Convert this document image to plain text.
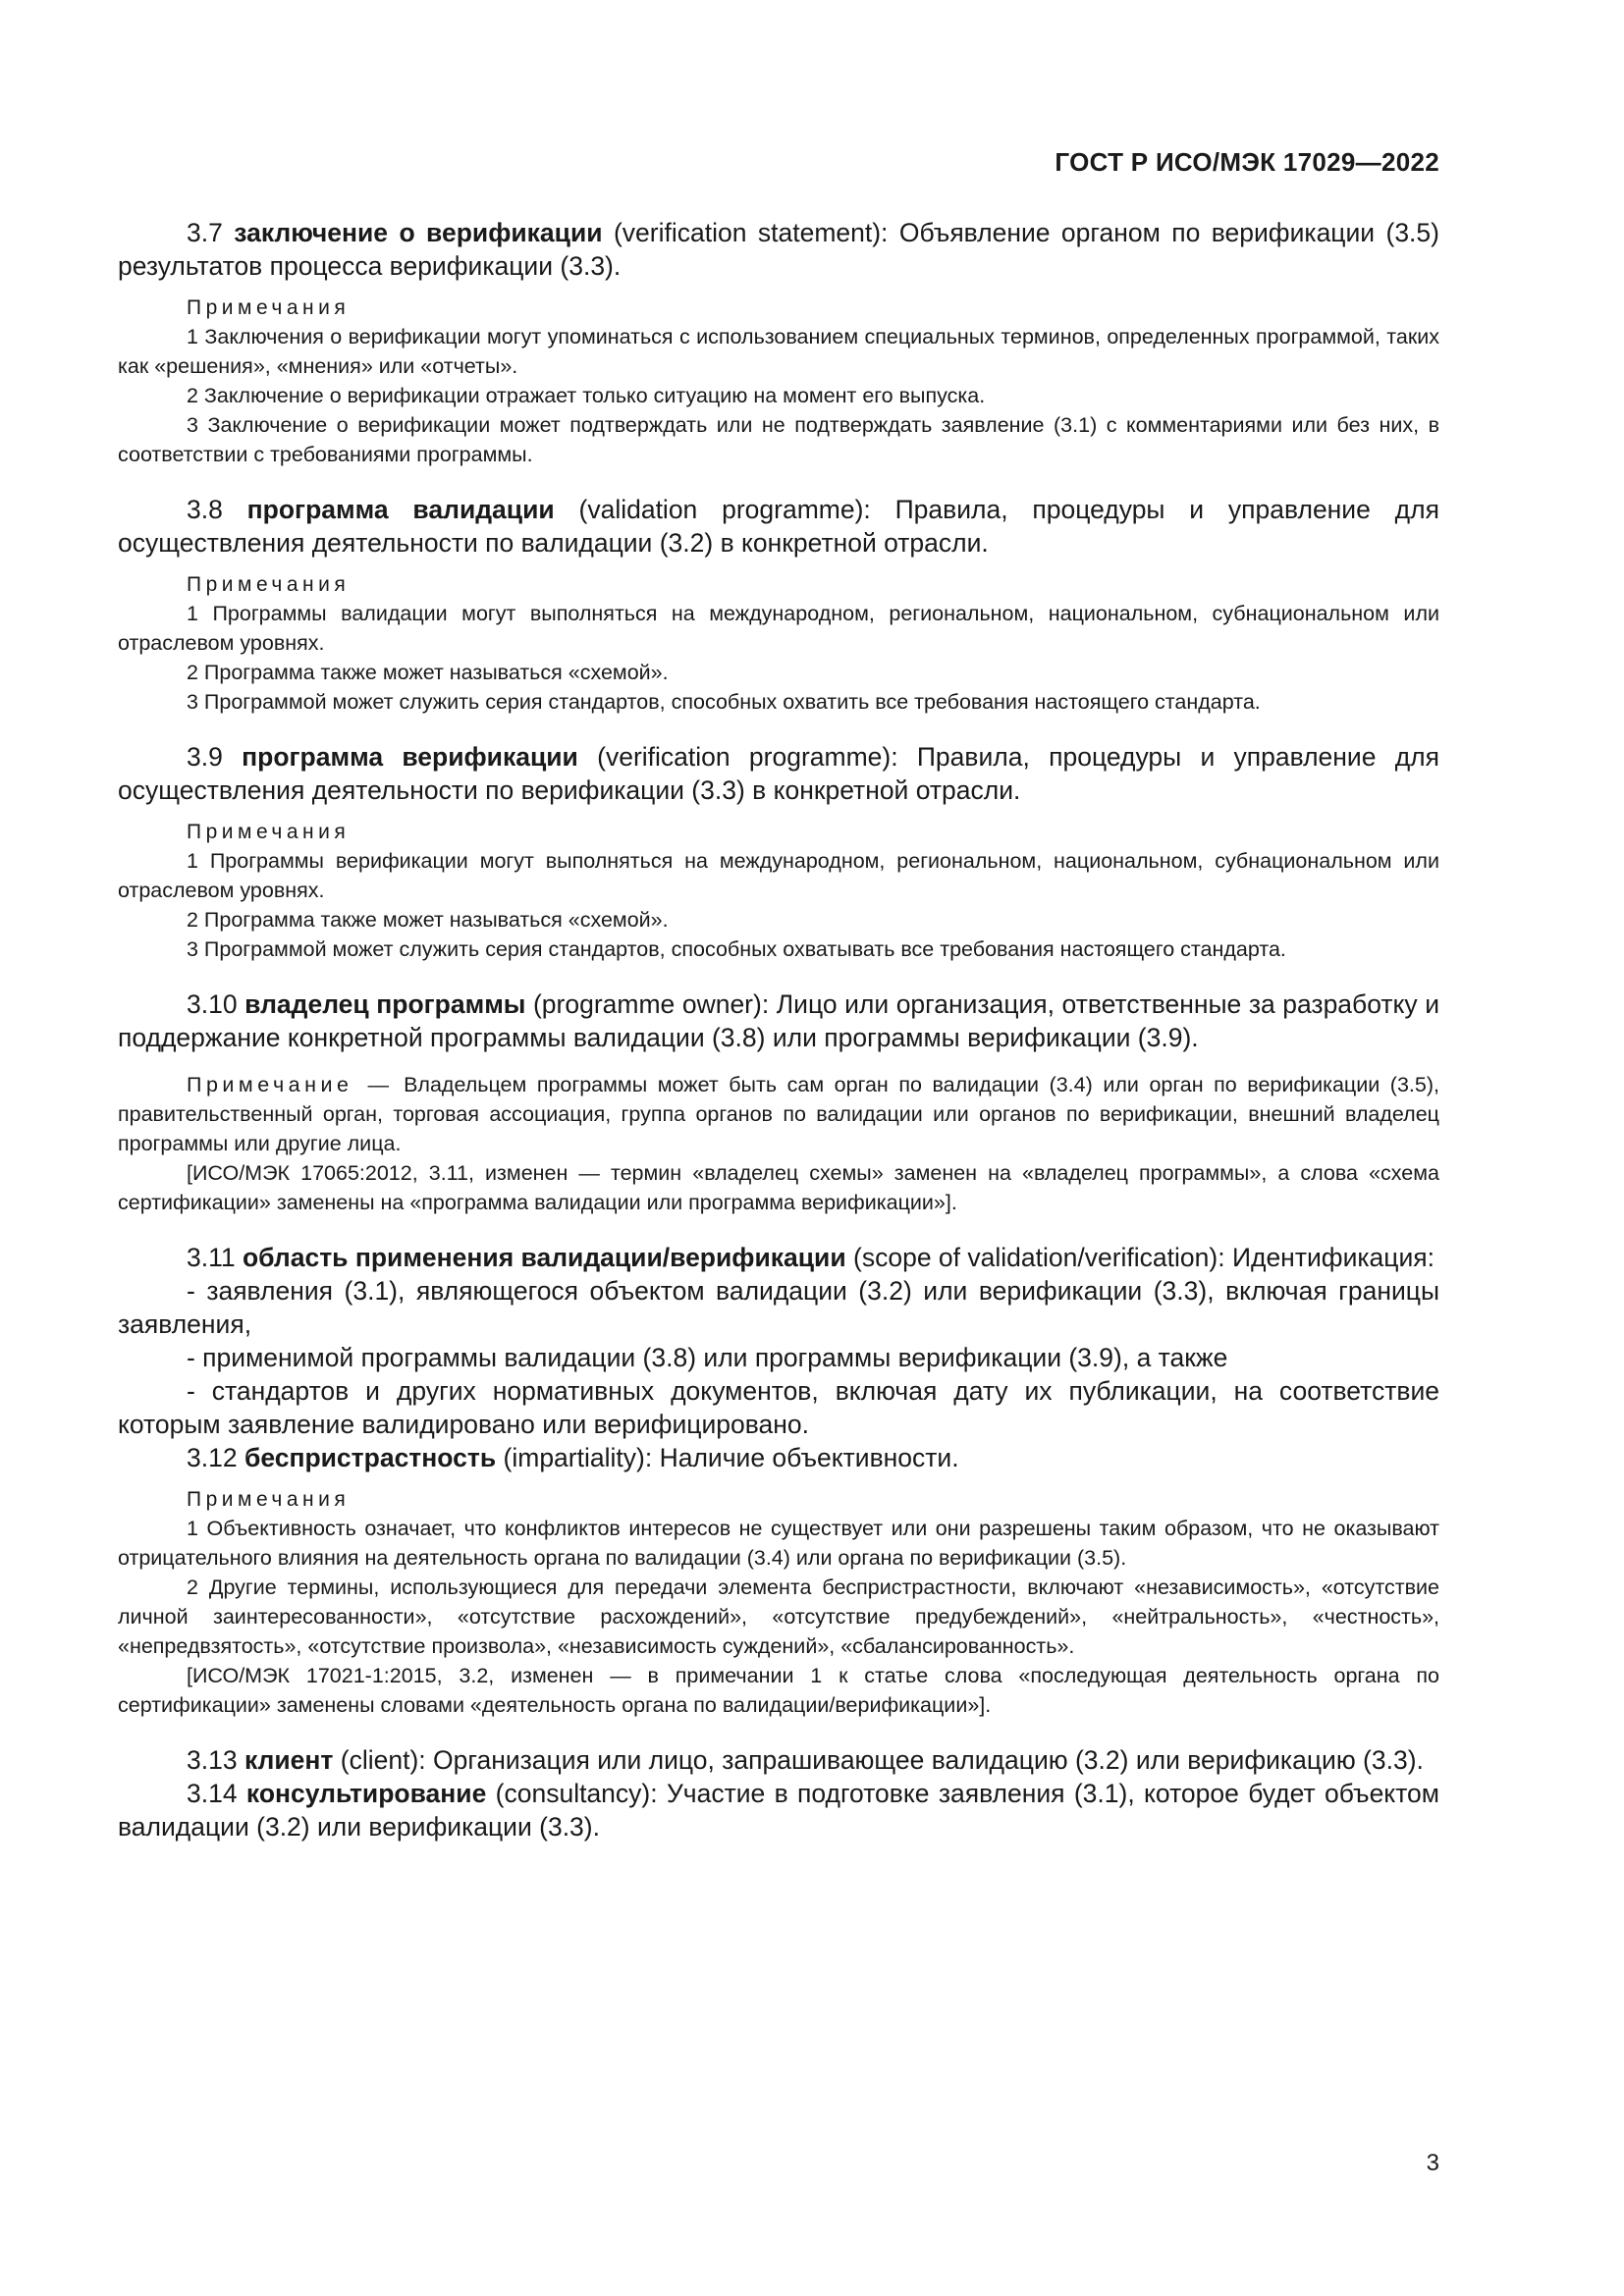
ГОСТ Р ИСО/МЭК 17029—2022

3.7 заключение о верификации (verification statement): Объявление органом по верификации (3.5) результатов процесса верификации (3.3).

Примечания

1 Заключения о верификации могут упоминаться с использованием специальных терминов, определенных программой, таких как «решения», «мнения» или «отчеты».

2 Заключение о верификации отражает только ситуацию на момент его выпуска.

3 Заключение о верификации может подтверждать или не подтверждать заявление (3.1) с комментариями или без них, в соответствии с требованиями программы.

3.8 программа валидации (validation programme): Правила, процедуры и управление для осуществления деятельности по валидации (3.2) в конкретной отрасли.

Примечания

1 Программы валидации могут выполняться на международном, региональном, национальном, субнациональном или отраслевом уровнях.

2 Программа также может называться «схемой».

3 Программой может служить серия стандартов, способных охватить все требования настоящего стандарта.

3.9 программа верификации (verification programme): Правила, процедуры и управление для осуществления деятельности по верификации (3.3) в конкретной отрасли.

Примечания

1 Программы верификации могут выполняться на международном, региональном, национальном, субнациональном или отраслевом уровнях.

2 Программа также может называться «схемой».

3 Программой может служить серия стандартов, способных охватывать все требования настоящего стандарта.

3.10 владелец программы (programme owner): Лицо или организация, ответственные за разработку и поддержание конкретной программы валидации (3.8) или программы верификации (3.9).

Примечание — Владельцем программы может быть сам орган по валидации (3.4) или орган по верификации (3.5), правительственный орган, торговая ассоциация, группа органов по валидации или органов по верификации, внешний владелец программы или другие лица.

[ИСО/МЭК 17065:2012, 3.11, изменен — термин «владелец схемы» заменен на «владелец программы», а слова «схема сертификации» заменены на «программа валидации или программа верификации»].

3.11 область применения валидации/верификации (scope of validation/verification): Идентификация:

- заявления (3.1), являющегося объектом валидации (3.2) или верификации (3.3), включая границы заявления,

- применимой программы валидации (3.8) или программы верификации (3.9), а также

- стандартов и других нормативных документов, включая дату их публикации, на соответствие которым заявление валидировано или верифицировано.

3.12 беспристрастность (impartiality): Наличие объективности.

Примечания

1 Объективность означает, что конфликтов интересов не существует или они разрешены таким образом, что не оказывают отрицательного влияния на деятельность органа по валидации (3.4) или органа по верификации (3.5).

2 Другие термины, использующиеся для передачи элемента беспристрастности, включают «независимость», «отсутствие личной заинтересованности», «отсутствие расхождений», «отсутствие предубеждений», «нейтральность», «честность», «непредвзятость», «отсутствие произвола», «независимость суждений», «сбалансированность».

[ИСО/МЭК 17021-1:2015, 3.2, изменен — в примечании 1 к статье слова «последующая деятельность органа по сертификации» заменены словами «деятельность органа по валидации/верификации»].

3.13 клиент (client): Организация или лицо, запрашивающее валидацию (3.2) или верификацию (3.3).

3.14 консультирование (consultancy): Участие в подготовке заявления (3.1), которое будет объектом валидации (3.2) или верификации (3.3).

3
